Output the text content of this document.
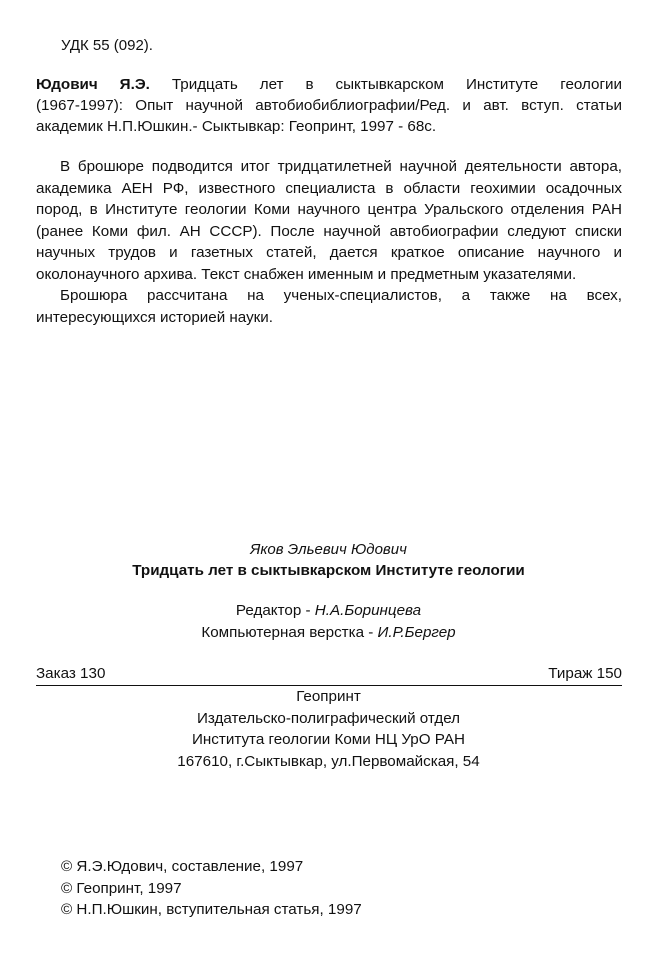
УДК 55 (092).
Юдович Я.Э. Тридцать лет в сыктывкарском Институте геологии
(1967-1997): Опыт научной автобиобиблиографии/Ред. и авт. вступ. статьи
академик Н.П.Юшкин.- Сыктывкар: Геопринт, 1997 - 68с.

В брошюре подводится итог тридцатилетней научной деятельности автора, академика АЕН РФ, известного специалиста в области геохимии осадочных пород, в Институте геологии Коми научного центра Уральского отделения РАН (ранее Коми фил. АН СССР). После научной автобиографии следуют списки научных трудов и газетных статей, дается краткое описание научного и околонаучного архива. Текст снабжен именным и предметным указателями.

Брошюра рассчитана на ученых-специалистов, а также на всех, интересующихся историей науки.

Яков Эльевич Юдович
Тридцать лет в сыктывкарском Институте геологии
Редактор - Н.А.Боринцева
Компьютерная верстка - И.Р.Бергер
Заказ 130	Тираж 150
Геопринт
Издательско-полиграфический отдел
Института геологии Коми НЦ УрО РАН
167610, г.Сыктывкар, ул.Первомайская, 54
© Я.Э.Юдович, составление, 1997
© Геопринт, 1997
© Н.П.Юшкин, вступительная статья, 1997
